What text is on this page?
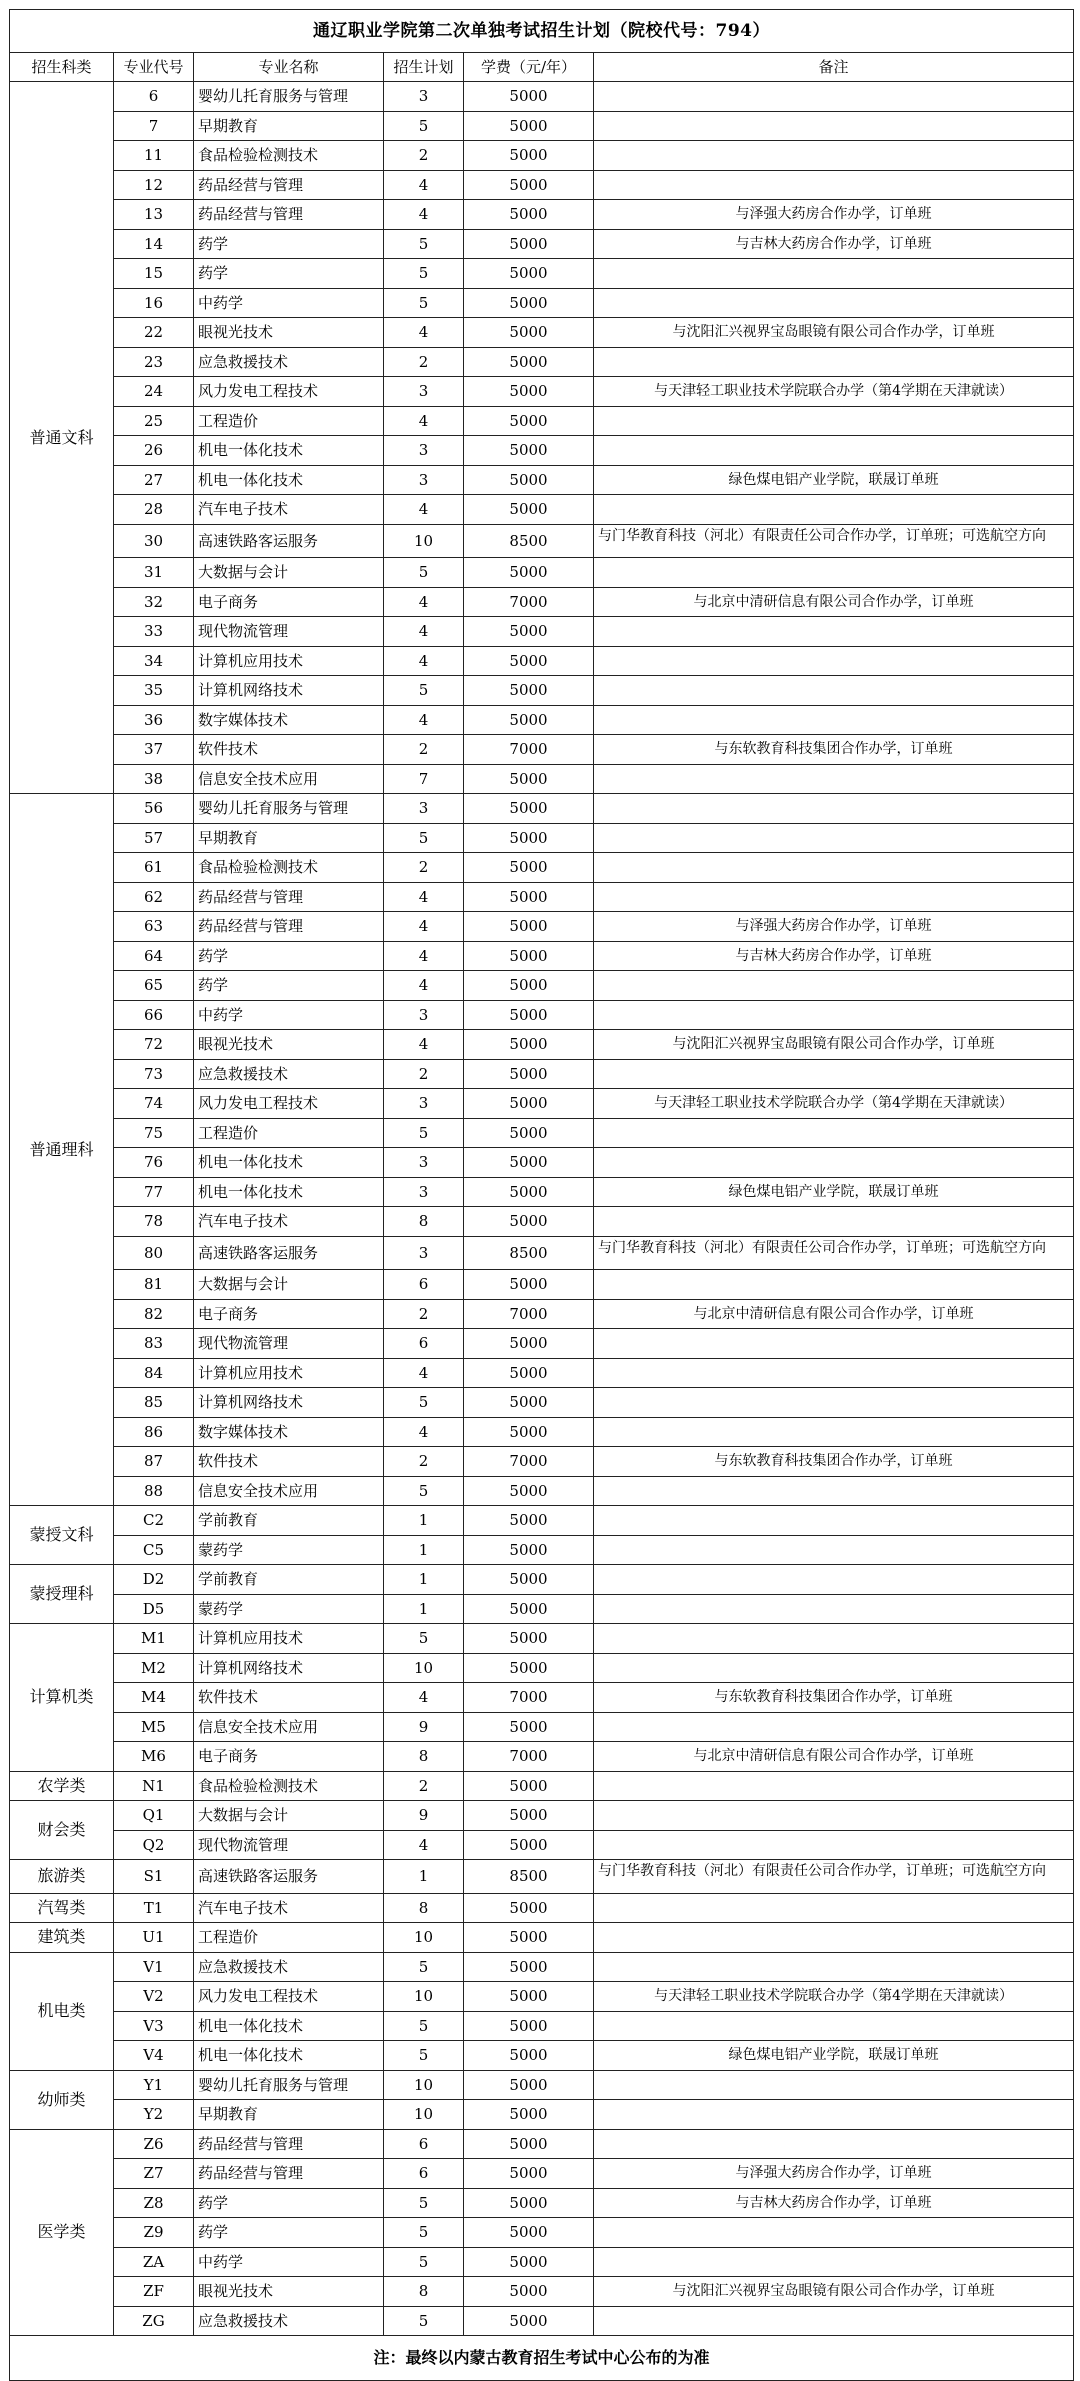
通辽职业学院第二次单独考试招生计划（院校代号：794）					
招生科类	专业代号	专业名称	招生计划	学费（元/年）	备注
普通文科	6	婴幼儿托育服务与管理	3	5000	
	7	早期教育	5	5000	
	11	食品检验检测技术	2	5000	
	12	药品经营与管理	4	5000	
	13	药品经营与管理	4	5000	与泽强大药房合作办学，订单班
	14	药学	5	5000	与吉林大药房合作办学，订单班
	15	药学	5	5000	
	16	中药学	5	5000	
	22	眼视光技术	4	5000	与沈阳汇兴视界宝岛眼镜有限公司合作办学，订单班
	23	应急救援技术	2	5000	
	24	风力发电工程技术	3	5000	与天津轻工职业技术学院联合办学（第4学期在天津就读）
	25	工程造价	4	5000	
	26	机电一体化技术	3	5000	
	27	机电一体化技术	3	5000	绿色煤电铝产业学院，联晟订单班
	28	汽车电子技术	4	5000	
	30	高速铁路客运服务	10	8500	与门华教育科技（河北）有限责任公司合作办学，订单班；可选航空方向
	31	大数据与会计	5	5000	
	32	电子商务	4	7000	与北京中清研信息有限公司合作办学，订单班
	33	现代物流管理	4	5000	
	34	计算机应用技术	4	5000	
	35	计算机网络技术	5	5000	
	36	数字媒体技术	4	5000	
	37	软件技术	2	7000	与东软教育科技集团合作办学，订单班
	38	信息安全技术应用	7	5000	
普通理科	56	婴幼儿托育服务与管理	3	5000	
	57	早期教育	5	5000	
	61	食品检验检测技术	2	5000	
	62	药品经营与管理	4	5000	
	63	药品经营与管理	4	5000	与泽强大药房合作办学，订单班
	64	药学	4	5000	与吉林大药房合作办学，订单班
	65	药学	4	5000	
	66	中药学	3	5000	
	72	眼视光技术	4	5000	与沈阳汇兴视界宝岛眼镜有限公司合作办学，订单班
	73	应急救援技术	2	5000	
	74	风力发电工程技术	3	5000	与天津轻工职业技术学院联合办学（第4学期在天津就读）
	75	工程造价	5	5000	
	76	机电一体化技术	3	5000	
	77	机电一体化技术	3	5000	绿色煤电铝产业学院，联晟订单班
	78	汽车电子技术	8	5000	
	80	高速铁路客运服务	3	8500	与门华教育科技（河北）有限责任公司合作办学，订单班；可选航空方向
	81	大数据与会计	6	5000	
	82	电子商务	2	7000	与北京中清研信息有限公司合作办学，订单班
	83	现代物流管理	6	5000	
	84	计算机应用技术	4	5000	
	85	计算机网络技术	5	5000	
	86	数字媒体技术	4	5000	
	87	软件技术	2	7000	与东软教育科技集团合作办学，订单班
	88	信息安全技术应用	5	5000	
蒙授文科	C2	学前教育	1	5000	
	C5	蒙药学	1	5000	
蒙授理科	D2	学前教育	1	5000	
	D5	蒙药学	1	5000	
计算机类	M1	计算机应用技术	5	5000	
	M2	计算机网络技术	10	5000	
	M4	软件技术	4	7000	与东软教育科技集团合作办学，订单班
	M5	信息安全技术应用	9	5000	
	M6	电子商务	8	7000	与北京中清研信息有限公司合作办学，订单班
农学类	N1	食品检验检测技术	2	5000	
财会类	Q1	大数据与会计	9	5000	
	Q2	现代物流管理	4	5000	
旅游类	S1	高速铁路客运服务	1	8500	与门华教育科技（河北）有限责任公司合作办学，订单班；可选航空方向
汽驾类	T1	汽车电子技术	8	5000	
建筑类	U1	工程造价	10	5000	
机电类	V1	应急救援技术	5	5000	
	V2	风力发电工程技术	10	5000	与天津轻工职业技术学院联合办学（第4学期在天津就读）
	V3	机电一体化技术	5	5000	
	V4	机电一体化技术	5	5000	绿色煤电铝产业学院，联晟订单班
幼师类	Y1	婴幼儿托育服务与管理	10	5000	
	Y2	早期教育	10	5000	
医学类	Z6	药品经营与管理	6	5000	
	Z7	药品经营与管理	6	5000	与泽强大药房合作办学，订单班
	Z8	药学	5	5000	与吉林大药房合作办学，订单班
	Z9	药学	5	5000	
	ZA	中药学	5	5000	
	ZF	眼视光技术	8	5000	与沈阳汇兴视界宝岛眼镜有限公司合作办学，订单班
	ZG	应急救援技术	5	5000	
注：最终以内蒙古教育招生考试中心公布的为准					
